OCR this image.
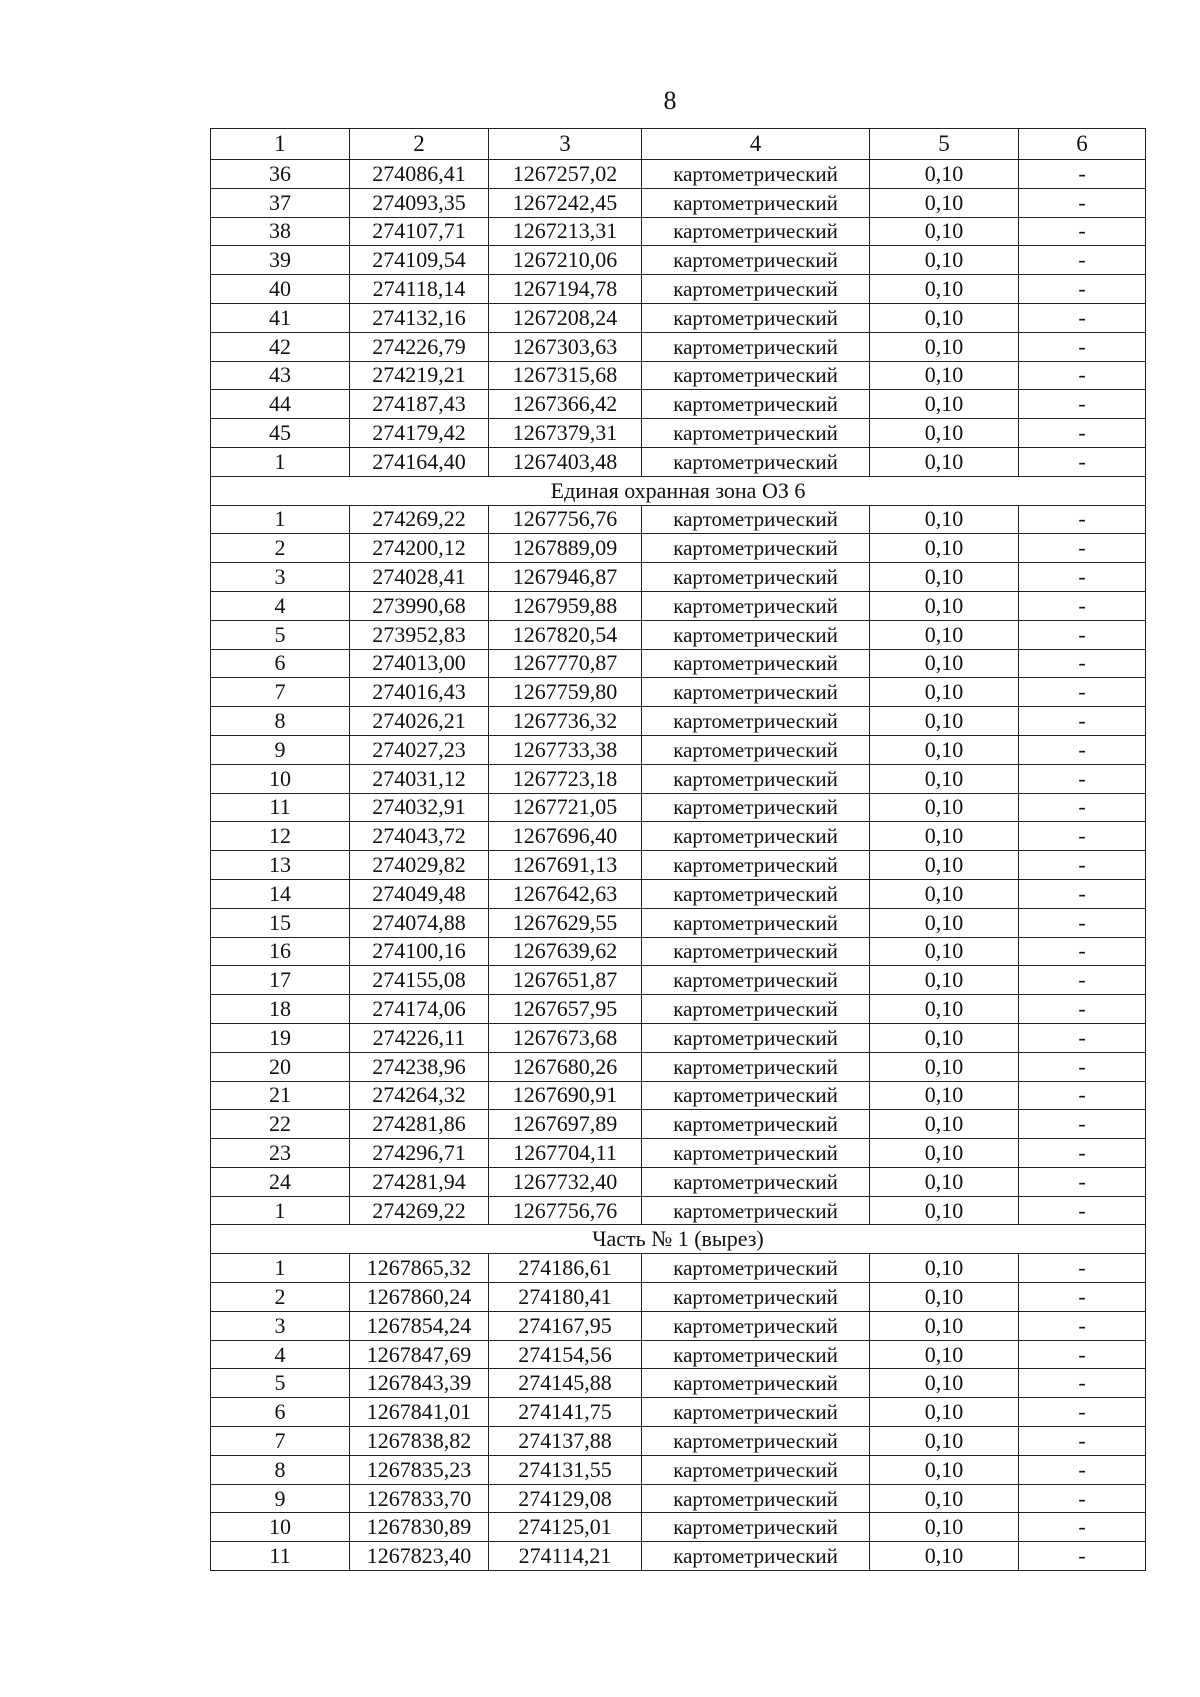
8
1	2	3	4	5	6
36	274086,41	1267257,02	картометрический	0,10	-
37	274093,35	1267242,45	картометрический	0,10	-
38	274107,71	1267213,31	картометрический	0,10	-
39	274109,54	1267210,06	картометрический	0,10	-
40	274118,14	1267194,78	картометрический	0,10	-
41	274132,16	1267208,24	картометрический	0,10	-
42	274226,79	1267303,63	картометрический	0,10	-
43	274219,21	1267315,68	картометрический	0,10	-
44	274187,43	1267366,42	картометрический	0,10	-
45	274179,42	1267379,31	картометрический	0,10	-
1	274164,40	1267403,48	картометрический	0,10	-
Единая охранная зона ОЗ 6					
1	274269,22	1267756,76	картометрический	0,10	-
2	274200,12	1267889,09	картометрический	0,10	-
3	274028,41	1267946,87	картометрический	0,10	-
4	273990,68	1267959,88	картометрический	0,10	-
5	273952,83	1267820,54	картометрический	0,10	-
6	274013,00	1267770,87	картометрический	0,10	-
7	274016,43	1267759,80	картометрический	0,10	-
8	274026,21	1267736,32	картометрический	0,10	-
9	274027,23	1267733,38	картометрический	0,10	-
10	274031,12	1267723,18	картометрический	0,10	-
11	274032,91	1267721,05	картометрический	0,10	-
12	274043,72	1267696,40	картометрический	0,10	-
13	274029,82	1267691,13	картометрический	0,10	-
14	274049,48	1267642,63	картометрический	0,10	-
15	274074,88	1267629,55	картометрический	0,10	-
16	274100,16	1267639,62	картометрический	0,10	-
17	274155,08	1267651,87	картометрический	0,10	-
18	274174,06	1267657,95	картометрический	0,10	-
19	274226,11	1267673,68	картометрический	0,10	-
20	274238,96	1267680,26	картометрический	0,10	-
21	274264,32	1267690,91	картометрический	0,10	-
22	274281,86	1267697,89	картометрический	0,10	-
23	274296,71	1267704,11	картометрический	0,10	-
24	274281,94	1267732,40	картометрический	0,10	-
1	274269,22	1267756,76	картометрический	0,10	-
Часть № 1 (вырез)					
1	1267865,32	274186,61	картометрический	0,10	-
2	1267860,24	274180,41	картометрический	0,10	-
3	1267854,24	274167,95	картометрический	0,10	-
4	1267847,69	274154,56	картометрический	0,10	-
5	1267843,39	274145,88	картометрический	0,10	-
6	1267841,01	274141,75	картометрический	0,10	-
7	1267838,82	274137,88	картометрический	0,10	-
8	1267835,23	274131,55	картометрический	0,10	-
9	1267833,70	274129,08	картометрический	0,10	-
10	1267830,89	274125,01	картометрический	0,10	-
11	1267823,40	274114,21	картометрический	0,10	-
